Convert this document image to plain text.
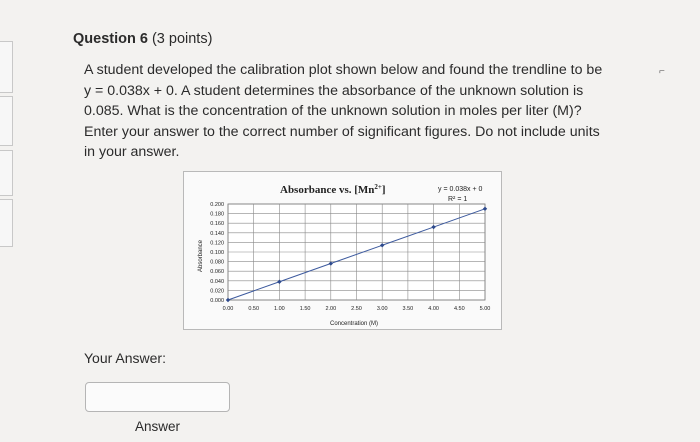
Question 6 (3 points)
A student developed the calibration plot shown below and found the trendline to be
y = 0.038x + 0. A student determines the absorbance of the unknown solution is
0.085. What is the concentration of the unknown solution in moles per liter (M)?
Enter your answer to the correct number of significant figures. Do not include units
in your answer.
⌐
Absorbance vs. $[Mn^{2+}]$	y = 0.038x + 0
R² = 1
Absorbance
Concentration (M)
0.000
0.020
0.040
0.060
0.080
0.100
0.120
0.140
0.160
0.180
0.200
0.00	0.50	1.00	1.50	2.00	2.50	3.00	3.50	4.00	4.50	5.00
Your Answer:
Answer
